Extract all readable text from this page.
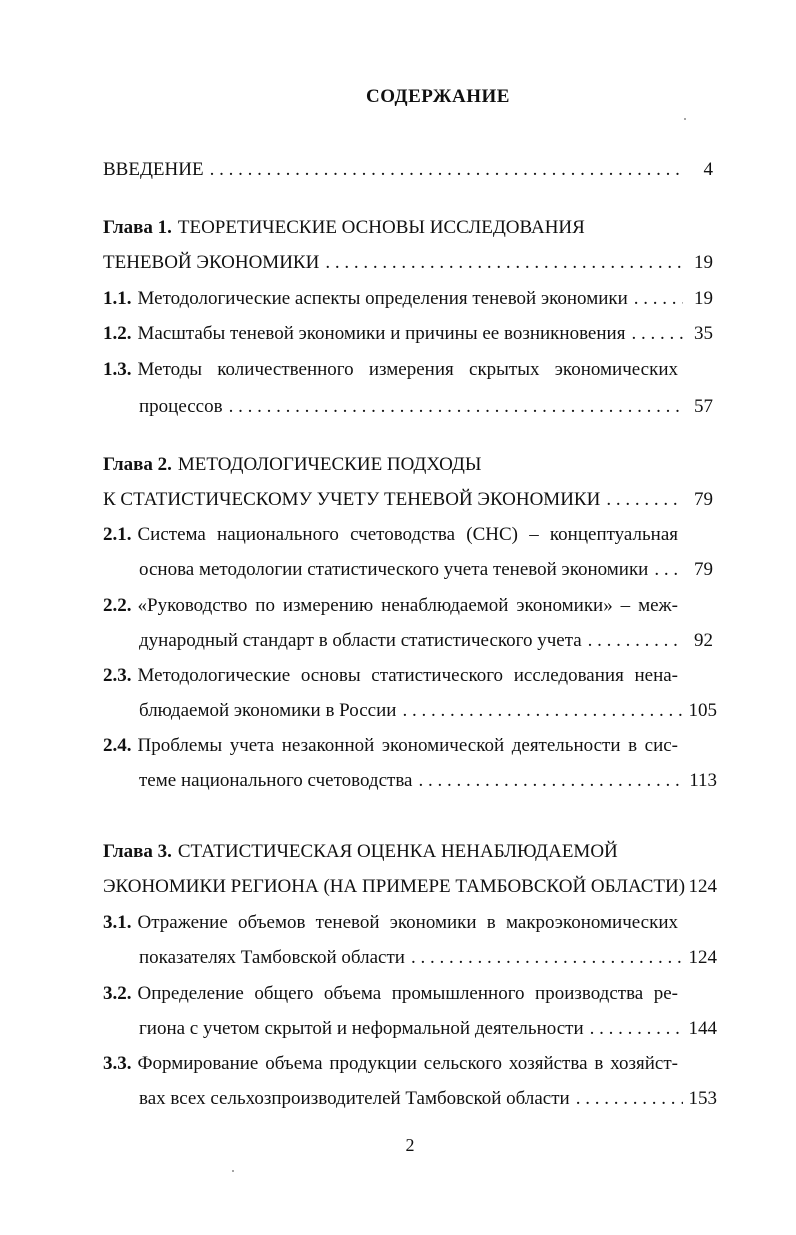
СОДЕРЖАНИЕ
ВВЕДЕНИЕ . . .	4
Глава 1. ТЕОРЕТИЧЕСКИЕ ОСНОВЫ ИССЛЕДОВАНИЯ
ТЕНЕВОЙ ЭКОНОМИКИ . . .	19
1.1. Методологические аспекты определения теневой экономики . . .	19
1.2. Масштабы теневой экономики и причины ее возникновения . . .	35
1.3. Методы количественного измерения скрытых экономических
процессов . . .	57
Глава 2. МЕТОДОЛОГИЧЕСКИЕ ПОДХОДЫ
К СТАТИСТИЧЕСКОМУ УЧЕТУ ТЕНЕВОЙ ЭКОНОМИКИ . . .	79
2.1. Система национального счетоводства (СНС) – концептуальная
основа методологии статистического учета теневой экономики . . . 79
2.2. «Руководство по измерению ненаблюдаемой экономики» – меж-
дународный стандарт в области статистического учета . . .	92
2.3. Методологические основы статистического исследования нена-
блюдаемой экономики в России . . .	105
2.4. Проблемы учета незаконной экономической деятельности в сис-
теме национального счетоводства . . .	113
Глава 3. СТАТИСТИЧЕСКАЯ ОЦЕНКА НЕНАБЛЮДАЕМОЙ
ЭКОНОМИКИ РЕГИОНА (НА ПРИМЕРЕ ТАМБОВСКОЙ ОБЛАСТИ) 124
3.1. Отражение объемов теневой экономики в макроэкономических
показателях Тамбовской области . . .	124
3.2. Определение общего объема промышленного производства ре-
гиона с учетом скрытой и неформальной деятельности . . .	144
3.3. Формирование объема продукции сельского хозяйства в хозяйст-
вах всех сельхозпроизводителей Тамбовской области . . .	153
2
